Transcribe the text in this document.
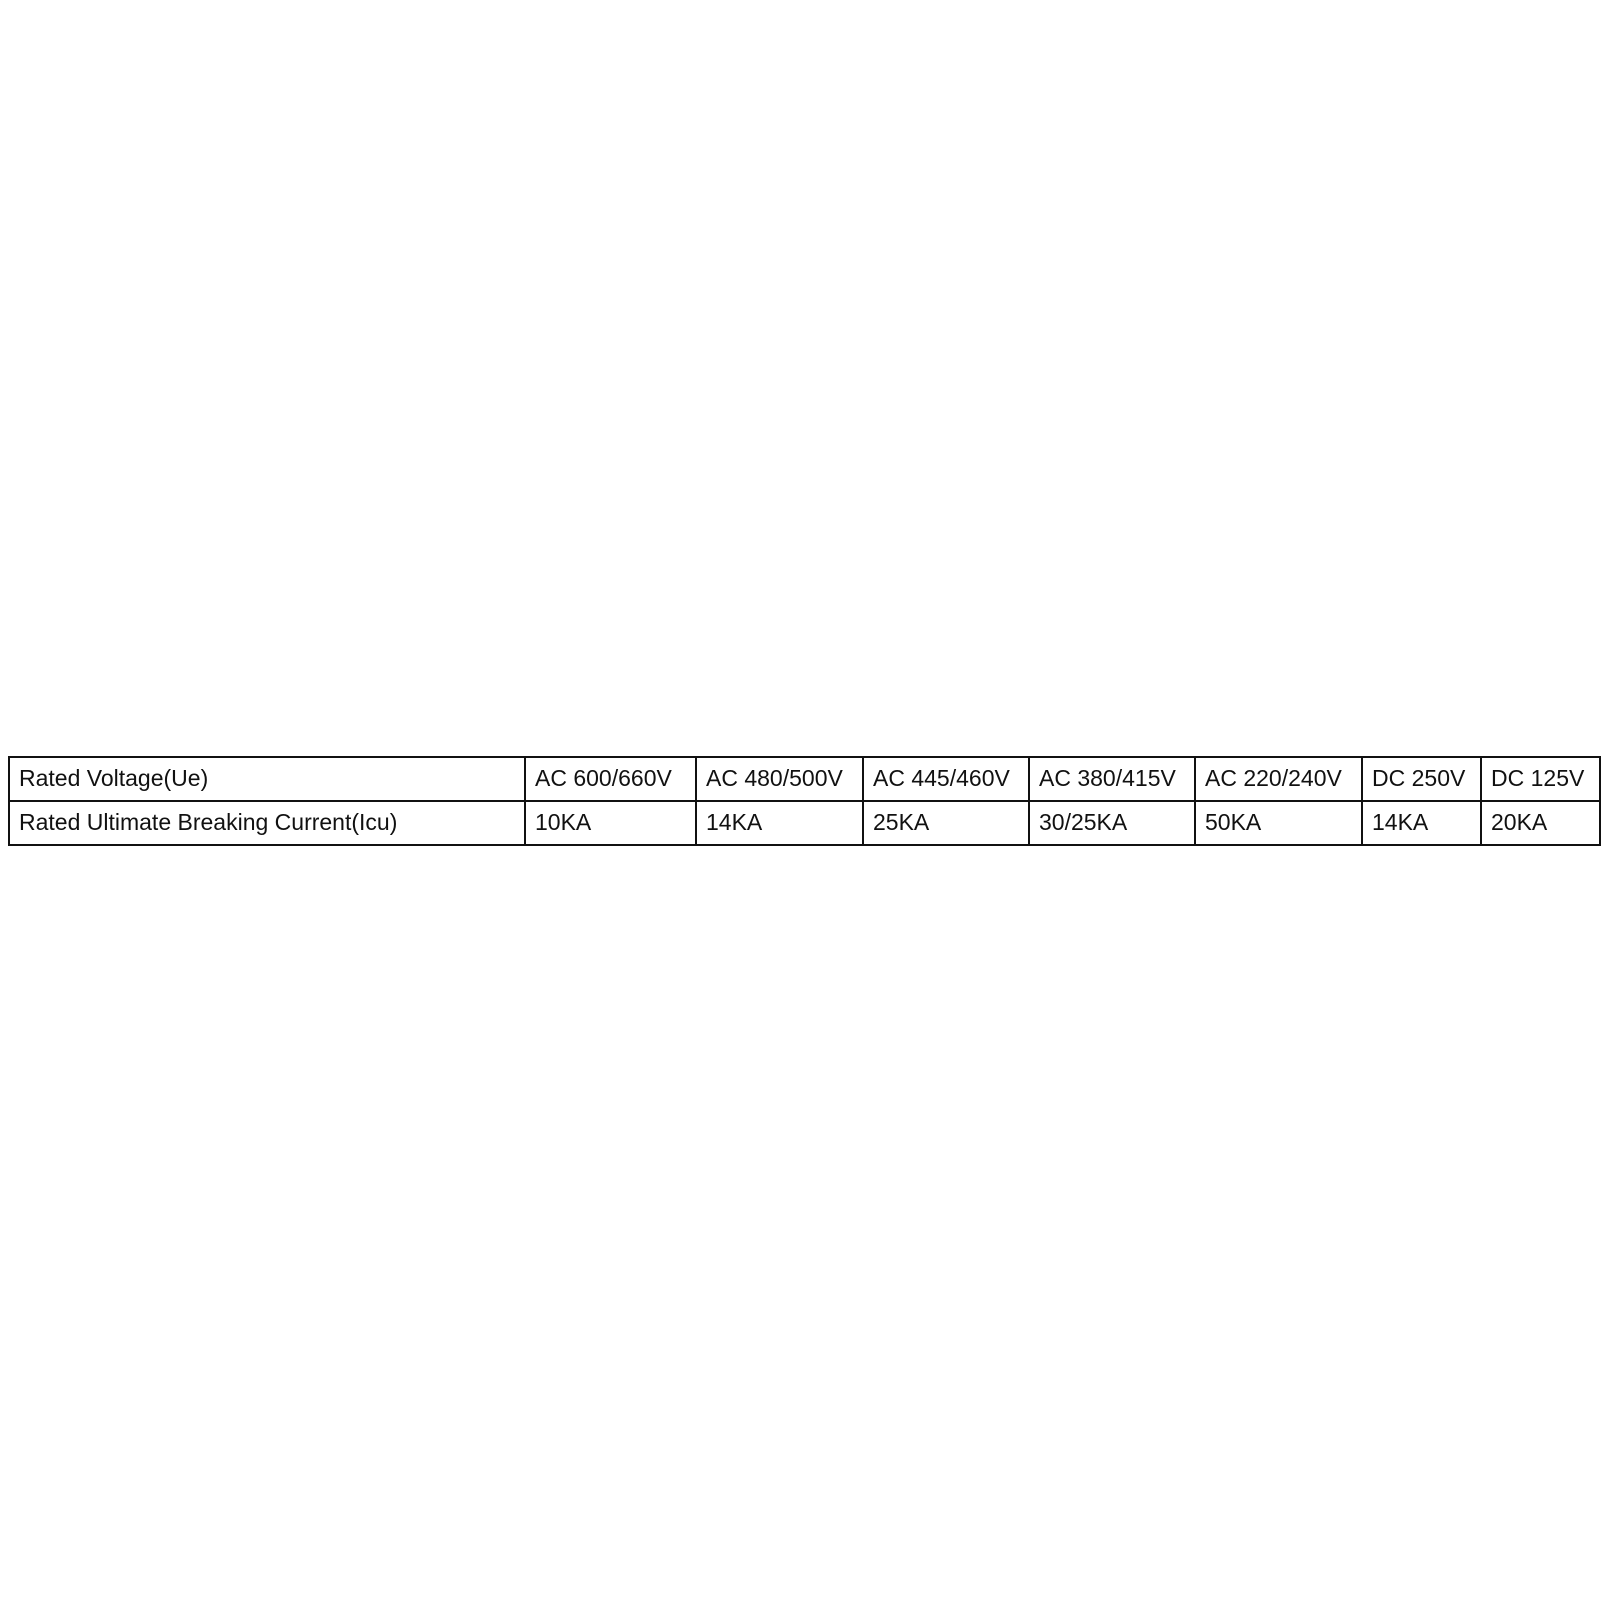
Rated Voltage(Ue)	AC 600/660V	AC 480/500V	AC 445/460V	AC 380/415V	AC 220/240V	DC 250V	DC 125V
Rated Ultimate Breaking Current(Icu)	10KA	14KA	25KA	30/25KA	50KA	14KA	20KA
